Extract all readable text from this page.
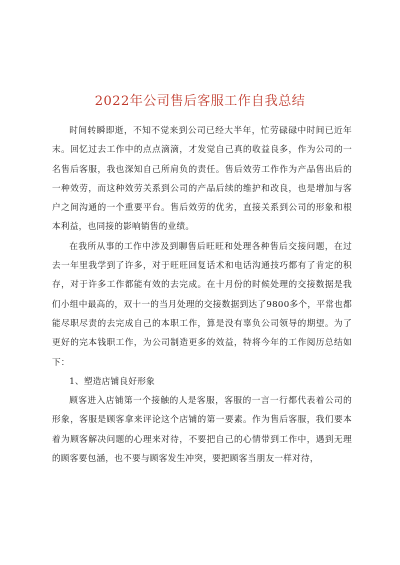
2022年公司售后客服工作自我总结

时间转瞬即逝，不知不觉来到公司已经大半年，忙劳碌碌中时间已近年末。回忆过去工作中的点点滴滴，才发觉自己真的收益良多，作为公司的一名售后客服，我也深知自己所肩负的责任。售后效劳工作作为产品售出后的一种效劳，而这种效劳关系到公司的产品后续的维护和改良，也是增加与客户之间沟通的一个重要平台。售后效劳的优劣，直接关系到公司的形象和根本利益，也同接的影响销售的业绩。

在我所从事的工作中涉及到聊售后旺旺和处理各种售后交接问题，在过去一年里我学到了许多，对于旺旺回复话术和电话沟通技巧都有了肯定的积存，对于许多工作都能有效的去完成。在十月份的时候处理的交接数据是我们小组中最高的，双十一的当月处理的交接数据到达了9800多个，平常也都能尽职尽责的去完成自己的本职工作，算是没有辜负公司领导的期望。为了更好的完本钱职工作，为公司制造更多的效益，特将今年的工作阅历总结如下：

1、塑造店铺良好形象

顾客进入店铺第一个接触的人是客服，客服的一言一行都代表着公司的形象，客服是顾客拿来评论这个店铺的第一要素。作为售后客服，我们要本着为顾客解决问题的心理来对待，不要把自己的心情带到工作中，遇到无理的顾客要包涵，也不要与顾客发生冲突，要把顾客当朋友一样对待，
